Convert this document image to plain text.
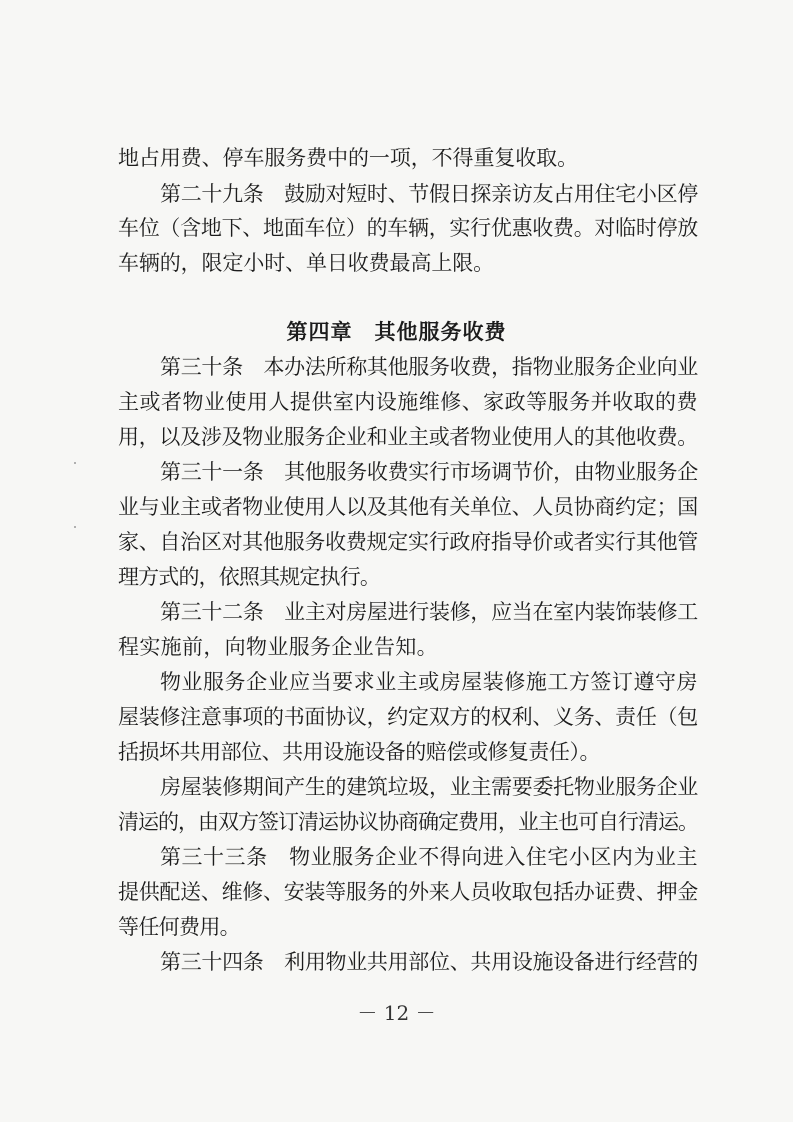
地占用费、停车服务费中的一项，不得重复收取。
第二十九条　鼓励对短时、节假日探亲访友占用住宅小区停
车位（含地下、地面车位）的车辆，实行优惠收费。对临时停放
车辆的，限定小时、单日收费最高上限。
第四章　其他服务收费
第三十条　本办法所称其他服务收费，指物业服务企业向业
主或者物业使用人提供室内设施维修、家政等服务并收取的费
用，以及涉及物业服务企业和业主或者物业使用人的其他收费。
第三十一条　其他服务收费实行市场调节价，由物业服务企
业与业主或者物业使用人以及其他有关单位、人员协商约定；国
家、自治区对其他服务收费规定实行政府指导价或者实行其他管
理方式的，依照其规定执行。
第三十二条　业主对房屋进行装修，应当在室内装饰装修工
程实施前，向物业服务企业告知。
物业服务企业应当要求业主或房屋装修施工方签订遵守房
屋装修注意事项的书面协议，约定双方的权利、义务、责任（包
括损坏共用部位、共用设施设备的赔偿或修复责任）。
房屋装修期间产生的建筑垃圾，业主需要委托物业服务企业
清运的，由双方签订清运协议协商确定费用，业主也可自行清运。
第三十三条　物业服务企业不得向进入住宅小区内为业主
提供配送、维修、安装等服务的外来人员收取包括办证费、押金
等任何费用。
第三十四条　利用物业共用部位、共用设施设备进行经营的
－ 12 －
